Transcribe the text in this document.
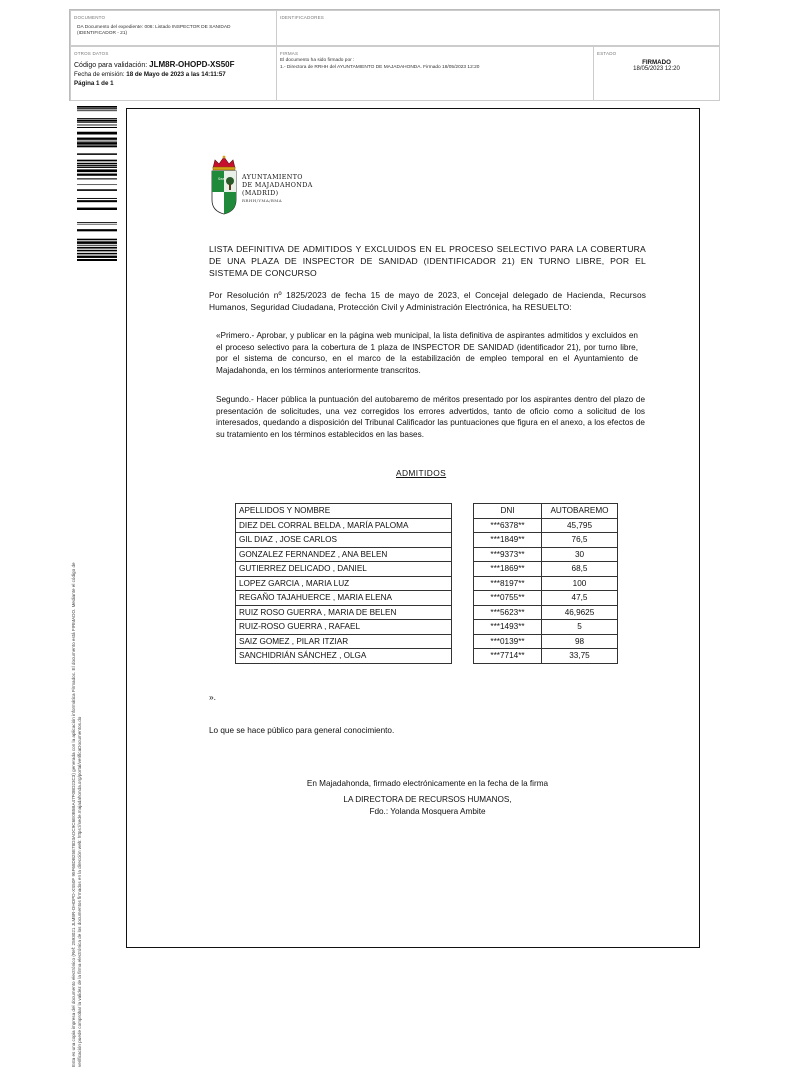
DOCUMENTO
DA Documento del expediente: 006: Listado INSPECTOR DE SANIDAD (IDENTIFICADOR - 21)
IDENTIFICADORES
OTROS DATOS
Código para validación: JLM8R-OHOPD-XS50F
Fecha de emisión: 18 de Mayo de 2023 a las 14:11:57
Página 1 de 1
FIRMAS
El documento ha sido firmado por :
1.- Directora de RRHH del AYUNTAMIENTO DE MAJADAHONDA. Firmado 18/05/2023 12:20
ESTADO
FIRMADO
18/05/2023 12:20
Esta es una copia impresa del documento electrónico (Ref: 2593021 JLM8R-OHOPD-XS50F 95F68DB25E78D3ADC9C6E0B5BA47F0BD23C3) generada con la aplicación informática Firmadoc. El documento está FIRMADO. Mediante el código de verificación puede comprobar la validez de la firma electrónica de los documentos firmados en la dirección web: https://sede.majadahonda.org/portal/verificaDocumentos.do
Sea	AYUNTAMIENTO
DE MAJADAHONDA
(MADRID)
RRHH/YMA/BMA
LISTA DEFINITIVA DE ADMITIDOS Y EXCLUIDOS EN EL PROCESO SELECTIVO PARA LA COBERTURA DE UNA PLAZA DE INSPECTOR DE SANIDAD (IDENTIFICADOR 21) EN TURNO LIBRE, POR EL SISTEMA DE CONCURSO
Por Resolución nº 1825/2023 de fecha 15 de mayo de 2023, el Concejal delegado de Hacienda, Recursos Humanos, Seguridad Ciudadana, Protección Civil y Administración Electrónica, ha RESUELTO:
«Primero.- Aprobar, y publicar en la página web municipal, la lista definitiva de aspirantes admitidos y excluidos en el proceso selectivo para la cobertura de 1 plaza de INSPECTOR DE SANIDAD (identificador 21), por turno libre, por el sistema de concurso, en el marco de la estabilización de empleo temporal en el Ayuntamiento de Majadahonda, en los términos anteriormente transcritos.
Segundo.- Hacer pública la puntuación del autobaremo de méritos presentado por los aspirantes dentro del plazo de presentación de solicitudes, una vez corregidos los errores advertidos, tanto de oficio como a solicitud de los interesados, quedando a disposición del Tribunal Calificador las puntuaciones que figura en el anexo, a los efectos de su tratamiento en los términos establecidos en las bases.
ADMITIDOS
APELLIDOS Y NOMBRE		DNI	AUTOBAREMO
DIEZ DEL CORRAL BELDA , MARÍA PALOMA		***6378**	45,795
GIL DIAZ , JOSE CARLOS		***1849**	76,5
GONZALEZ FERNANDEZ , ANA BELEN		***9373**	30
GUTIERREZ DELICADO , DANIEL		***1869**	68,5
LOPEZ GARCIA , MARIA LUZ		***8197**	100
REGAÑO TAJAHUERCE , MARIA ELENA		***0755**	47,5
RUIZ ROSO GUERRA , MARIA DE BELEN		***5623**	46,9625
RUIZ-ROSO GUERRA , RAFAEL		***1493**	5
SAIZ GOMEZ , PILAR ITZIAR		***0139**	98
SANCHIDRIÁN SÁNCHEZ , OLGA		***7714**	33,75
».
Lo que se hace público para general conocimiento.
En Majadahonda, firmado electrónicamente en la fecha de la firma
LA DIRECTORA DE RECURSOS HUMANOS,
Fdo.: Yolanda Mosquera Ambite
